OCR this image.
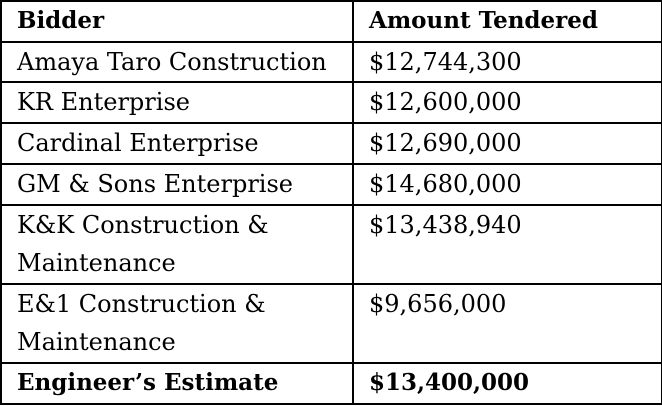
Bidder	Amount Tendered
Amaya Taro Construction	$12,744,300
KR Enterprise	$12,600,000
Cardinal Enterprise	$12,690,000
GM & Sons Enterprise	$14,680,000
K&K Construction & Maintenance	$13,438,940
E&1 Construction & Maintenance	$9,656,000
Engineer’s Estimate	$13,400,000
